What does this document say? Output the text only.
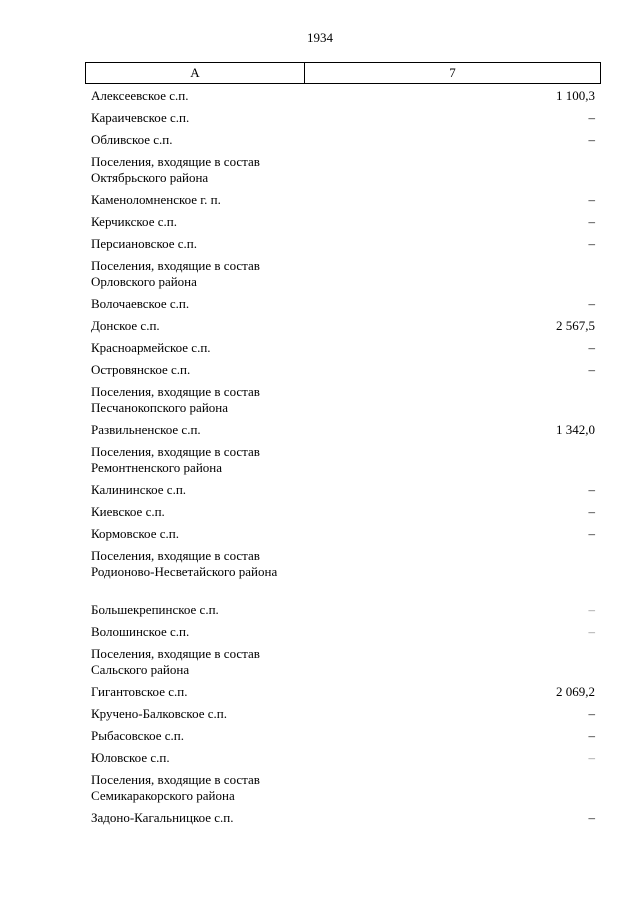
1934
А	7
Алексеевское с.п.	1 100,3
Караичевское с.п.	–
Обливское с.п.	–
Поселения, входящие в состав Октябрьского района
Каменоломненское г. п.	–
Керчикское с.п.	–
Персиановское с.п.	–
Поселения, входящие в состав Орловского района
Волочаевское с.п.	–
Донское с.п.	2 567,5
Красноармейское с.п.	–
Островянское с.п.	–
Поселения, входящие в состав Песчанокопского района
Развильненское с.п.	1 342,0
Поселения, входящие в состав Ремонтненского района
Калининское с.п.	–
Киевское с.п.	–
Кормовское с.п.	–
Поселения, входящие в состав Родионово-Несветайского района
Большекрепинское с.п.	–
Волошинское с.п.	–
Поселения, входящие в состав Сальского района
Гигантовское с.п.	2 069,2
Кручено-Балковское с.п.	–
Рыбасовское с.п.	–
Юловское с.п.	–
Поселения, входящие в состав Семикаракорского района
Задоно-Кагальницкое с.п.	–
